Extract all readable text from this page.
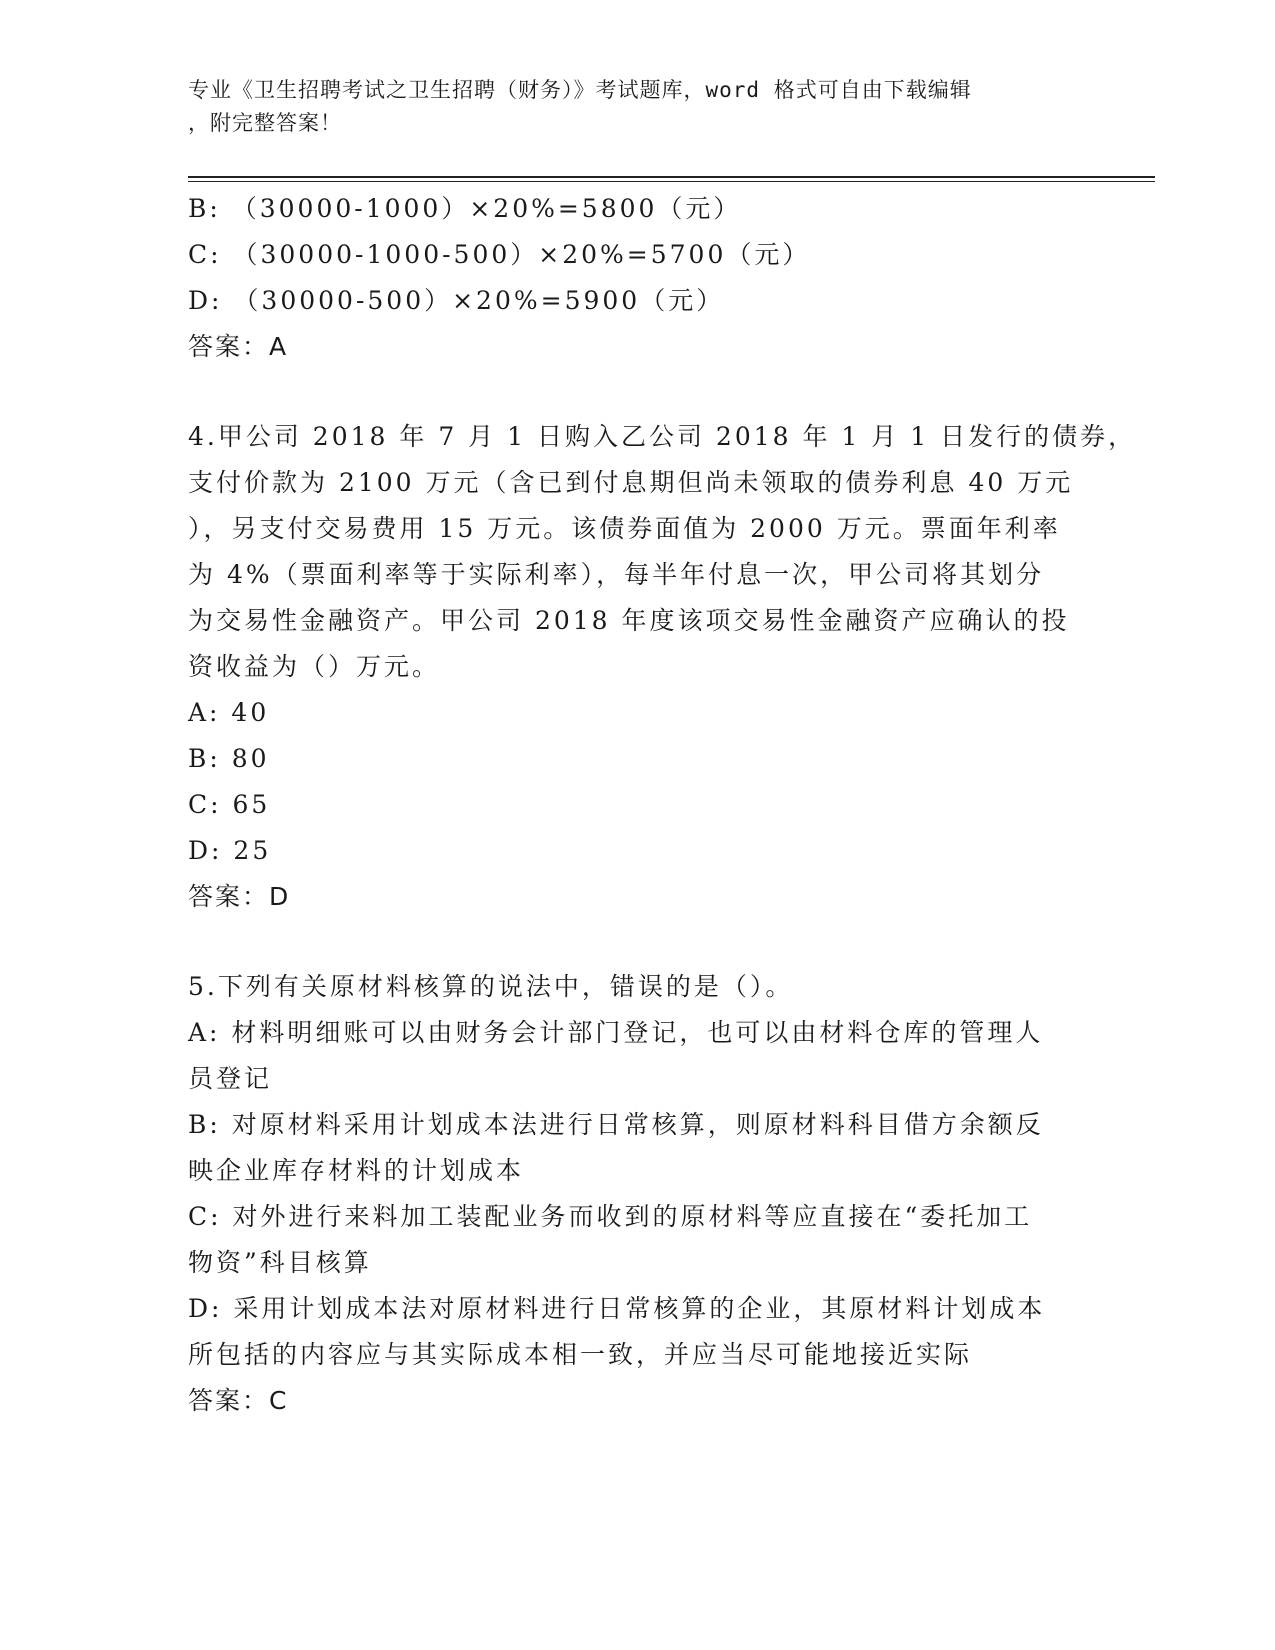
专业《卫生招聘考试之卫生招聘（财务）》考试题库，word 格式可自由下载编辑
，附完整答案！
B: （30000-1000）×20%=5800（元）
C: （30000-1000-500）×20%=5700（元）
D: （30000-500）×20%=5900（元）
答案：A
4.甲公司 2018 年 7 月 1 日购入乙公司 2018 年 1 月 1 日发行的债券，
支付价款为 2100 万元（含已到付息期但尚未领取的债券利息 40 万元
），另支付交易费用 15 万元。该债券面值为 2000 万元。票面年利率
为 4%（票面利率等于实际利率），每半年付息一次，甲公司将其划分
为交易性金融资产。甲公司 2018 年度该项交易性金融资产应确认的投
资收益为（）万元。
A: 40
B: 80
C: 65
D: 25
答案：D
5.下列有关原材料核算的说法中，错误的是（）。
A: 材料明细账可以由财务会计部门登记，也可以由材料仓库的管理人
员登记
B: 对原材料采用计划成本法进行日常核算，则原材料科目借方余额反
映企业库存材料的计划成本
C: 对外进行来料加工装配业务而收到的原材料等应直接在“委托加工
物资”科目核算
D: 采用计划成本法对原材料进行日常核算的企业，其原材料计划成本
所包括的内容应与其实际成本相一致，并应当尽可能地接近实际
答案：C
